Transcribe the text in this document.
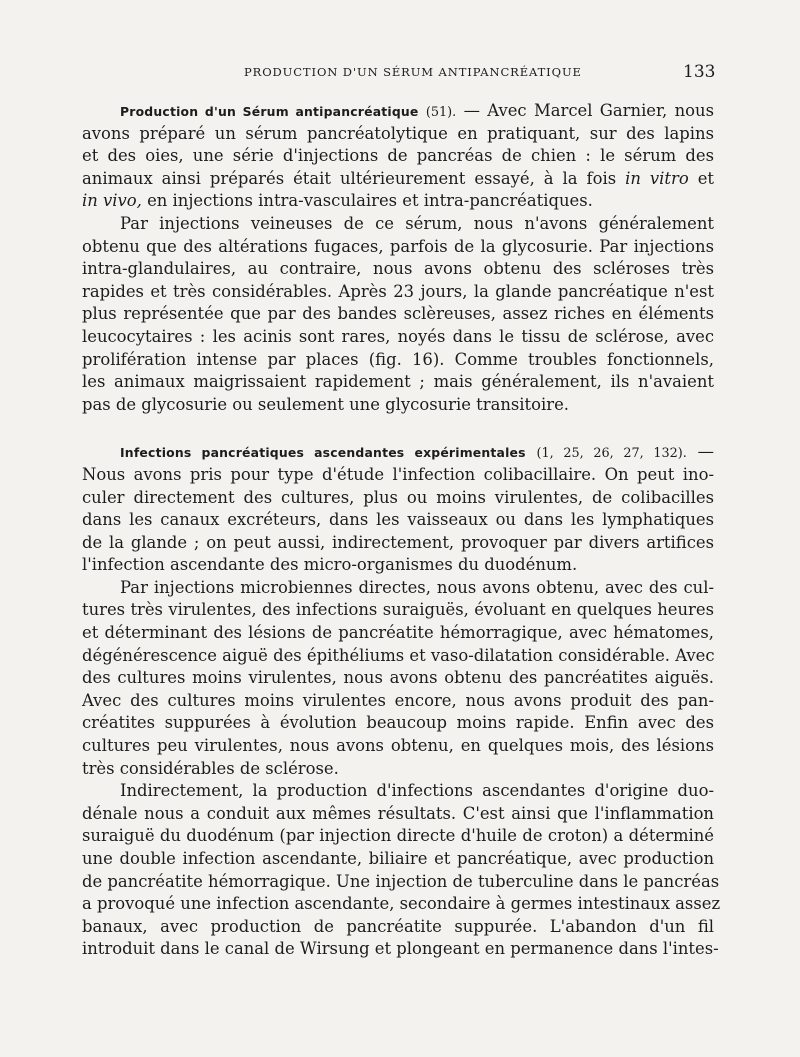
PRODUCTION D'UN SÉRUM ANTIPANCRÉATIQUE	133
Production d'un Sérum antipancréatique (51). — Avec Marcel Garnier, nous
avons préparé un sérum pancréatolytique en pratiquant, sur des lapins
et des oies, une série d'injections de pancréas de chien : le sérum des
animaux ainsi préparés était ultérieurement essayé, à la fois in vitro et
in vivo, en injections intra-vasculaires et intra-pancréatiques.
Par injections veineuses de ce sérum, nous n'avons généralement
obtenu que des altérations fugaces, parfois de la glycosurie. Par injections
intra-glandulaires, au contraire, nous avons obtenu des scléroses très
rapides et très considérables. Après 23 jours, la glande pancréatique n'est
plus représentée que par des bandes sclèreuses, assez riches en éléments
leucocytaires : les acinis sont rares, noyés dans le tissu de sclérose, avec
prolifération intense par places (fig. 16). Comme troubles fonctionnels,
les animaux maigrissaient rapidement ; mais généralement, ils n'avaient
pas de glycosurie ou seulement une glycosurie transitoire.
Infections pancréatiques ascendantes expérimentales (1, 25, 26, 27, 132). —
Nous avons pris pour type d'étude l'infection colibacillaire. On peut ino-
culer directement des cultures, plus ou moins virulentes, de colibacilles
dans les canaux excréteurs, dans les vaisseaux ou dans les lymphatiques
de la glande ; on peut aussi, indirectement, provoquer par divers artifices
l'infection ascendante des micro-organismes du duodénum.
Par injections microbiennes directes, nous avons obtenu, avec des cul-
tures très virulentes, des infections suraiguës, évoluant en quelques heures
et déterminant des lésions de pancréatite hémorragique, avec hématomes,
dégénérescence aiguë des épithéliums et vaso-dilatation considérable. Avec
des cultures moins virulentes, nous avons obtenu des pancréatites aiguës.
Avec des cultures moins virulentes encore, nous avons produit des pan-
créatites suppurées à évolution beaucoup moins rapide. Enfin avec des
cultures peu virulentes, nous avons obtenu, en quelques mois, des lésions
très considérables de sclérose.
Indirectement, la production d'infections ascendantes d'origine duo-
dénale nous a conduit aux mêmes résultats. C'est ainsi que l'inflammation
suraiguë du duodénum (par injection directe d'huile de croton) a déterminé
une double infection ascendante, biliaire et pancréatique, avec production
de pancréatite hémorragique. Une injection de tuberculine dans le pancréas
a provoqué une infection ascendante, secondaire à germes intestinaux assez
banaux, avec production de pancréatite suppurée. L'abandon d'un fil
introduit dans le canal de Wirsung et plongeant en permanence dans l'intes-
